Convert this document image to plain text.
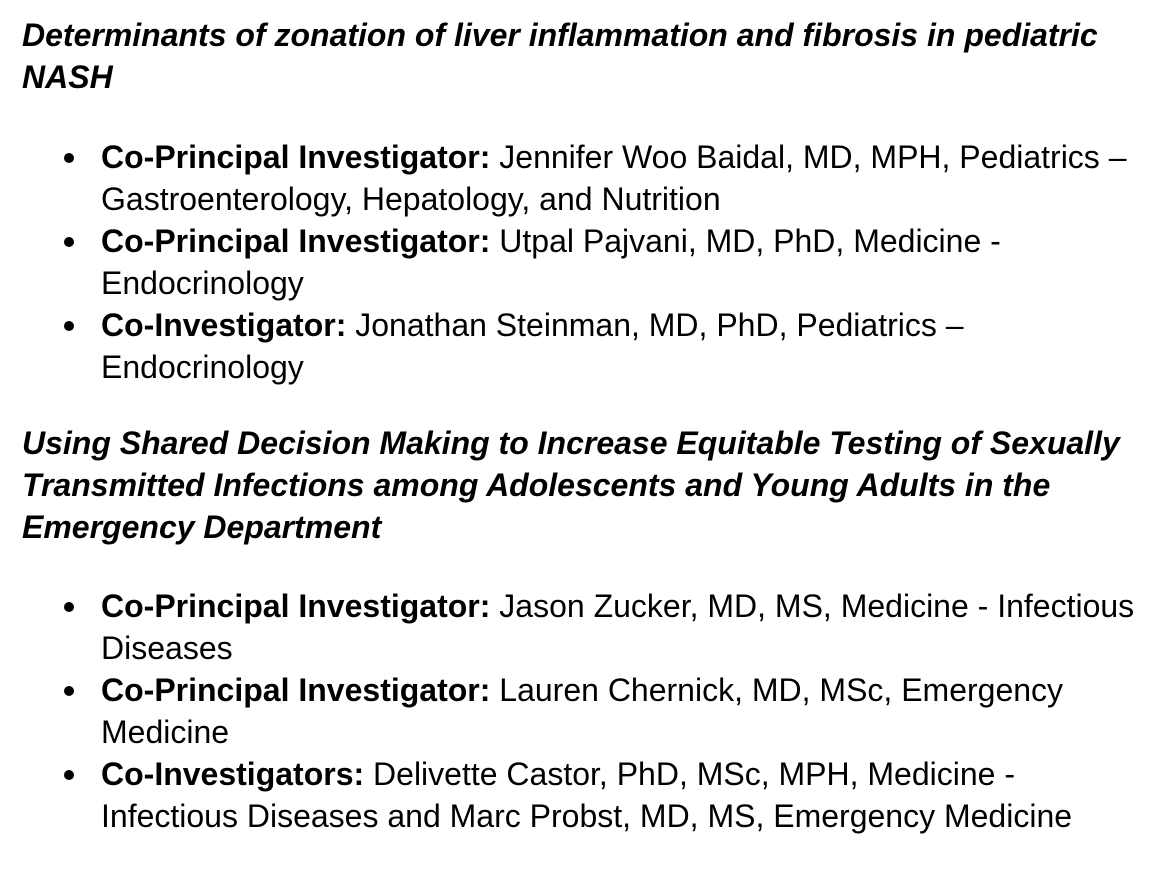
Determinants of zonation of liver inflammation and fibrosis in pediatric NASH
Co-Principal Investigator: Jennifer Woo Baidal, MD, MPH, Pediatrics – Gastroenterology, Hepatology, and Nutrition
Co-Principal Investigator: Utpal Pajvani, MD, PhD, Medicine - Endocrinology
Co-Investigator: Jonathan Steinman, MD, PhD, Pediatrics – Endocrinology
Using Shared Decision Making to Increase Equitable Testing of Sexually Transmitted Infections among Adolescents and Young Adults in the Emergency Department
Co-Principal Investigator: Jason Zucker, MD, MS, Medicine - Infectious Diseases
Co-Principal Investigator: Lauren Chernick, MD, MSc, Emergency Medicine
Co-Investigators: Delivette Castor, PhD, MSc, MPH, Medicine - Infectious Diseases and Marc Probst, MD, MS, Emergency Medicine
